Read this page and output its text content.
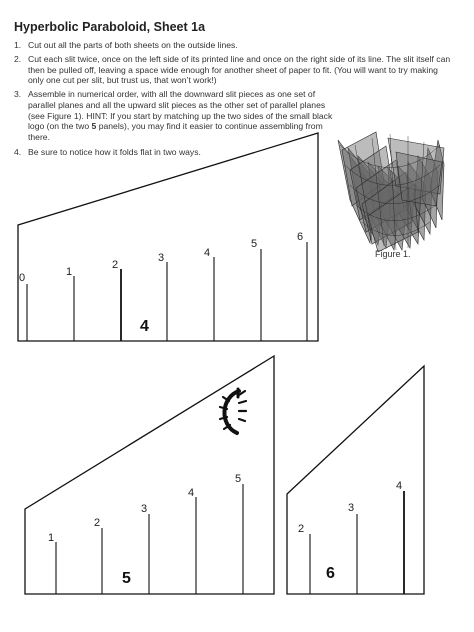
Hyperbolic Paraboloid, Sheet 1a
1. Cut out all the parts of both sheets on the outside lines.
2. Cut each slit twice, once on the left side of its printed line and once on the right side of its line. The slit itself can then be pulled off, leaving a space wide enough for another sheet of paper to fit. (You will want to try making only one cut per slit, but trust us, that won’t work!)
3. Assemble in numerical order, with all the downward slit pieces as one set of parallel planes and all the upward slit pieces as the other set of parallel planes (see Figure 1). HINT: If you start by matching up the two sides of the small black logo (on the two 5 panels), you may find it easier to continue assembling from there.
4. Be sure to notice how it folds flat in two ways.
Figure 1.
0	1
2
3	4
5
6
4
1
2
3
4
5
5
2
3
4
6
